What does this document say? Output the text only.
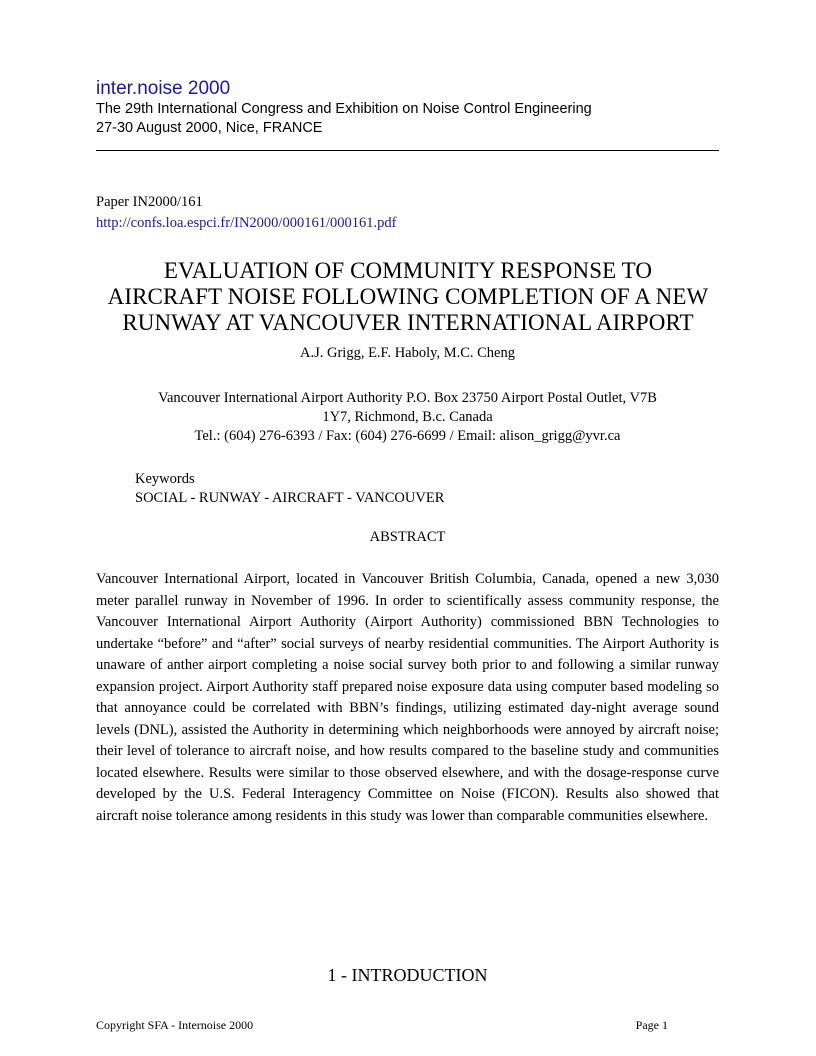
inter.noise 2000
The 29th International Congress and Exhibition on Noise Control Engineering
27-30 August 2000, Nice, FRANCE
Paper IN2000/161
http://confs.loa.espci.fr/IN2000/000161/000161.pdf
EVALUATION OF COMMUNITY RESPONSE TO
AIRCRAFT NOISE FOLLOWING COMPLETION OF A NEW
RUNWAY AT VANCOUVER INTERNATIONAL AIRPORT
A.J. Grigg, E.F. Haboly, M.C. Cheng
Vancouver International Airport Authority P.O. Box 23750 Airport Postal Outlet, V7B
1Y7, Richmond, B.c. Canada
Tel.: (604) 276-6393 / Fax: (604) 276-6699 / Email: alison_grigg@yvr.ca
Keywords
SOCIAL - RUNWAY - AIRCRAFT - VANCOUVER
ABSTRACT

Vancouver International Airport, located in Vancouver British Columbia, Canada, opened a new 3,030 meter parallel runway in November of 1996. In order to scientifically assess community response, the Vancouver International Airport Authority (Airport Authority) commissioned BBN Technologies to undertake “before” and “after” social surveys of nearby residential communities. The Airport Authority is unaware of anther airport completing a noise social survey both prior to and following a similar runway expansion project. Airport Authority staff prepared noise exposure data using computer based modeling so that annoyance could be correlated with BBN’s findings, utilizing estimated day-night average sound levels (DNL), assisted the Authority in determining which neighborhoods were annoyed by aircraft noise; their level of tolerance to aircraft noise, and how results compared to the baseline study and communities located elsewhere. Results were similar to those observed elsewhere, and with the dosage-response curve developed by the U.S. Federal Interagency Committee on Noise (FICON). Results also showed that aircraft noise tolerance among residents in this study was lower than comparable communities elsewhere.

1 - INTRODUCTION
Copyright SFA - Internoise 2000	Page 1
